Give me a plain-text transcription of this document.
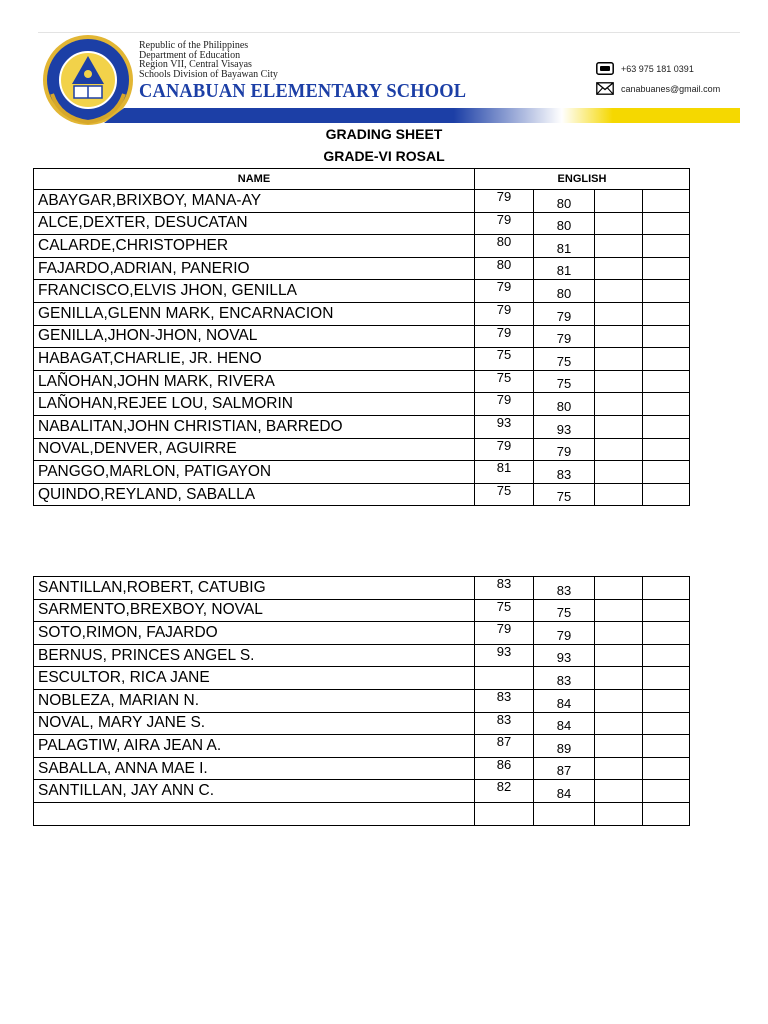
Republic of the Philippines
Department of Education
Region VII, Central Visayas
Schools Division of Bayawan City
CANABUAN ELEMENTARY SCHOOL
+63 975 181 0391
canabuanes@gmail.com
GRADING SHEET
GRADE-VI ROSAL
NAME	ENGLISH			
ABAYGAR,BRIXBOY, MANA-AY	79	80		
ALCE,DEXTER, DESUCATAN	79	80		
CALARDE,CHRISTOPHER	80	81		
FAJARDO,ADRIAN, PANERIO	80	81		
FRANCISCO,ELVIS JHON, GENILLA	79	80		
GENILLA,GLENN MARK, ENCARNACION	79	79		
GENILLA,JHON-JHON, NOVAL	79	79		
HABAGAT,CHARLIE, JR. HENO	75	75		
LAÑOHAN,JOHN MARK, RIVERA	75	75		
LAÑOHAN,REJEE LOU, SALMORIN	79	80		
NABALITAN,JOHN CHRISTIAN, BARREDO	93	93		
NOVAL,DENVER, AGUIRRE	79	79		
PANGGO,MARLON, PATIGAYON	81	83		
QUINDO,REYLAND, SABALLA	75	75		
SANTILLAN,ROBERT, CATUBIG	83	83		
SARMENTO,BREXBOY, NOVAL	75	75		
SOTO,RIMON, FAJARDO	79	79		
BERNUS, PRINCES ANGEL S.	93	93		
ESCULTOR, RICA JANE		83		
NOBLEZA, MARIAN N.	83	84		
NOVAL, MARY JANE S.	83	84		
PALAGTIW, AIRA JEAN A.	87	89		
SABALLA, ANNA MAE I.	86	87		
SANTILLAN, JAY ANN C.	82	84		
